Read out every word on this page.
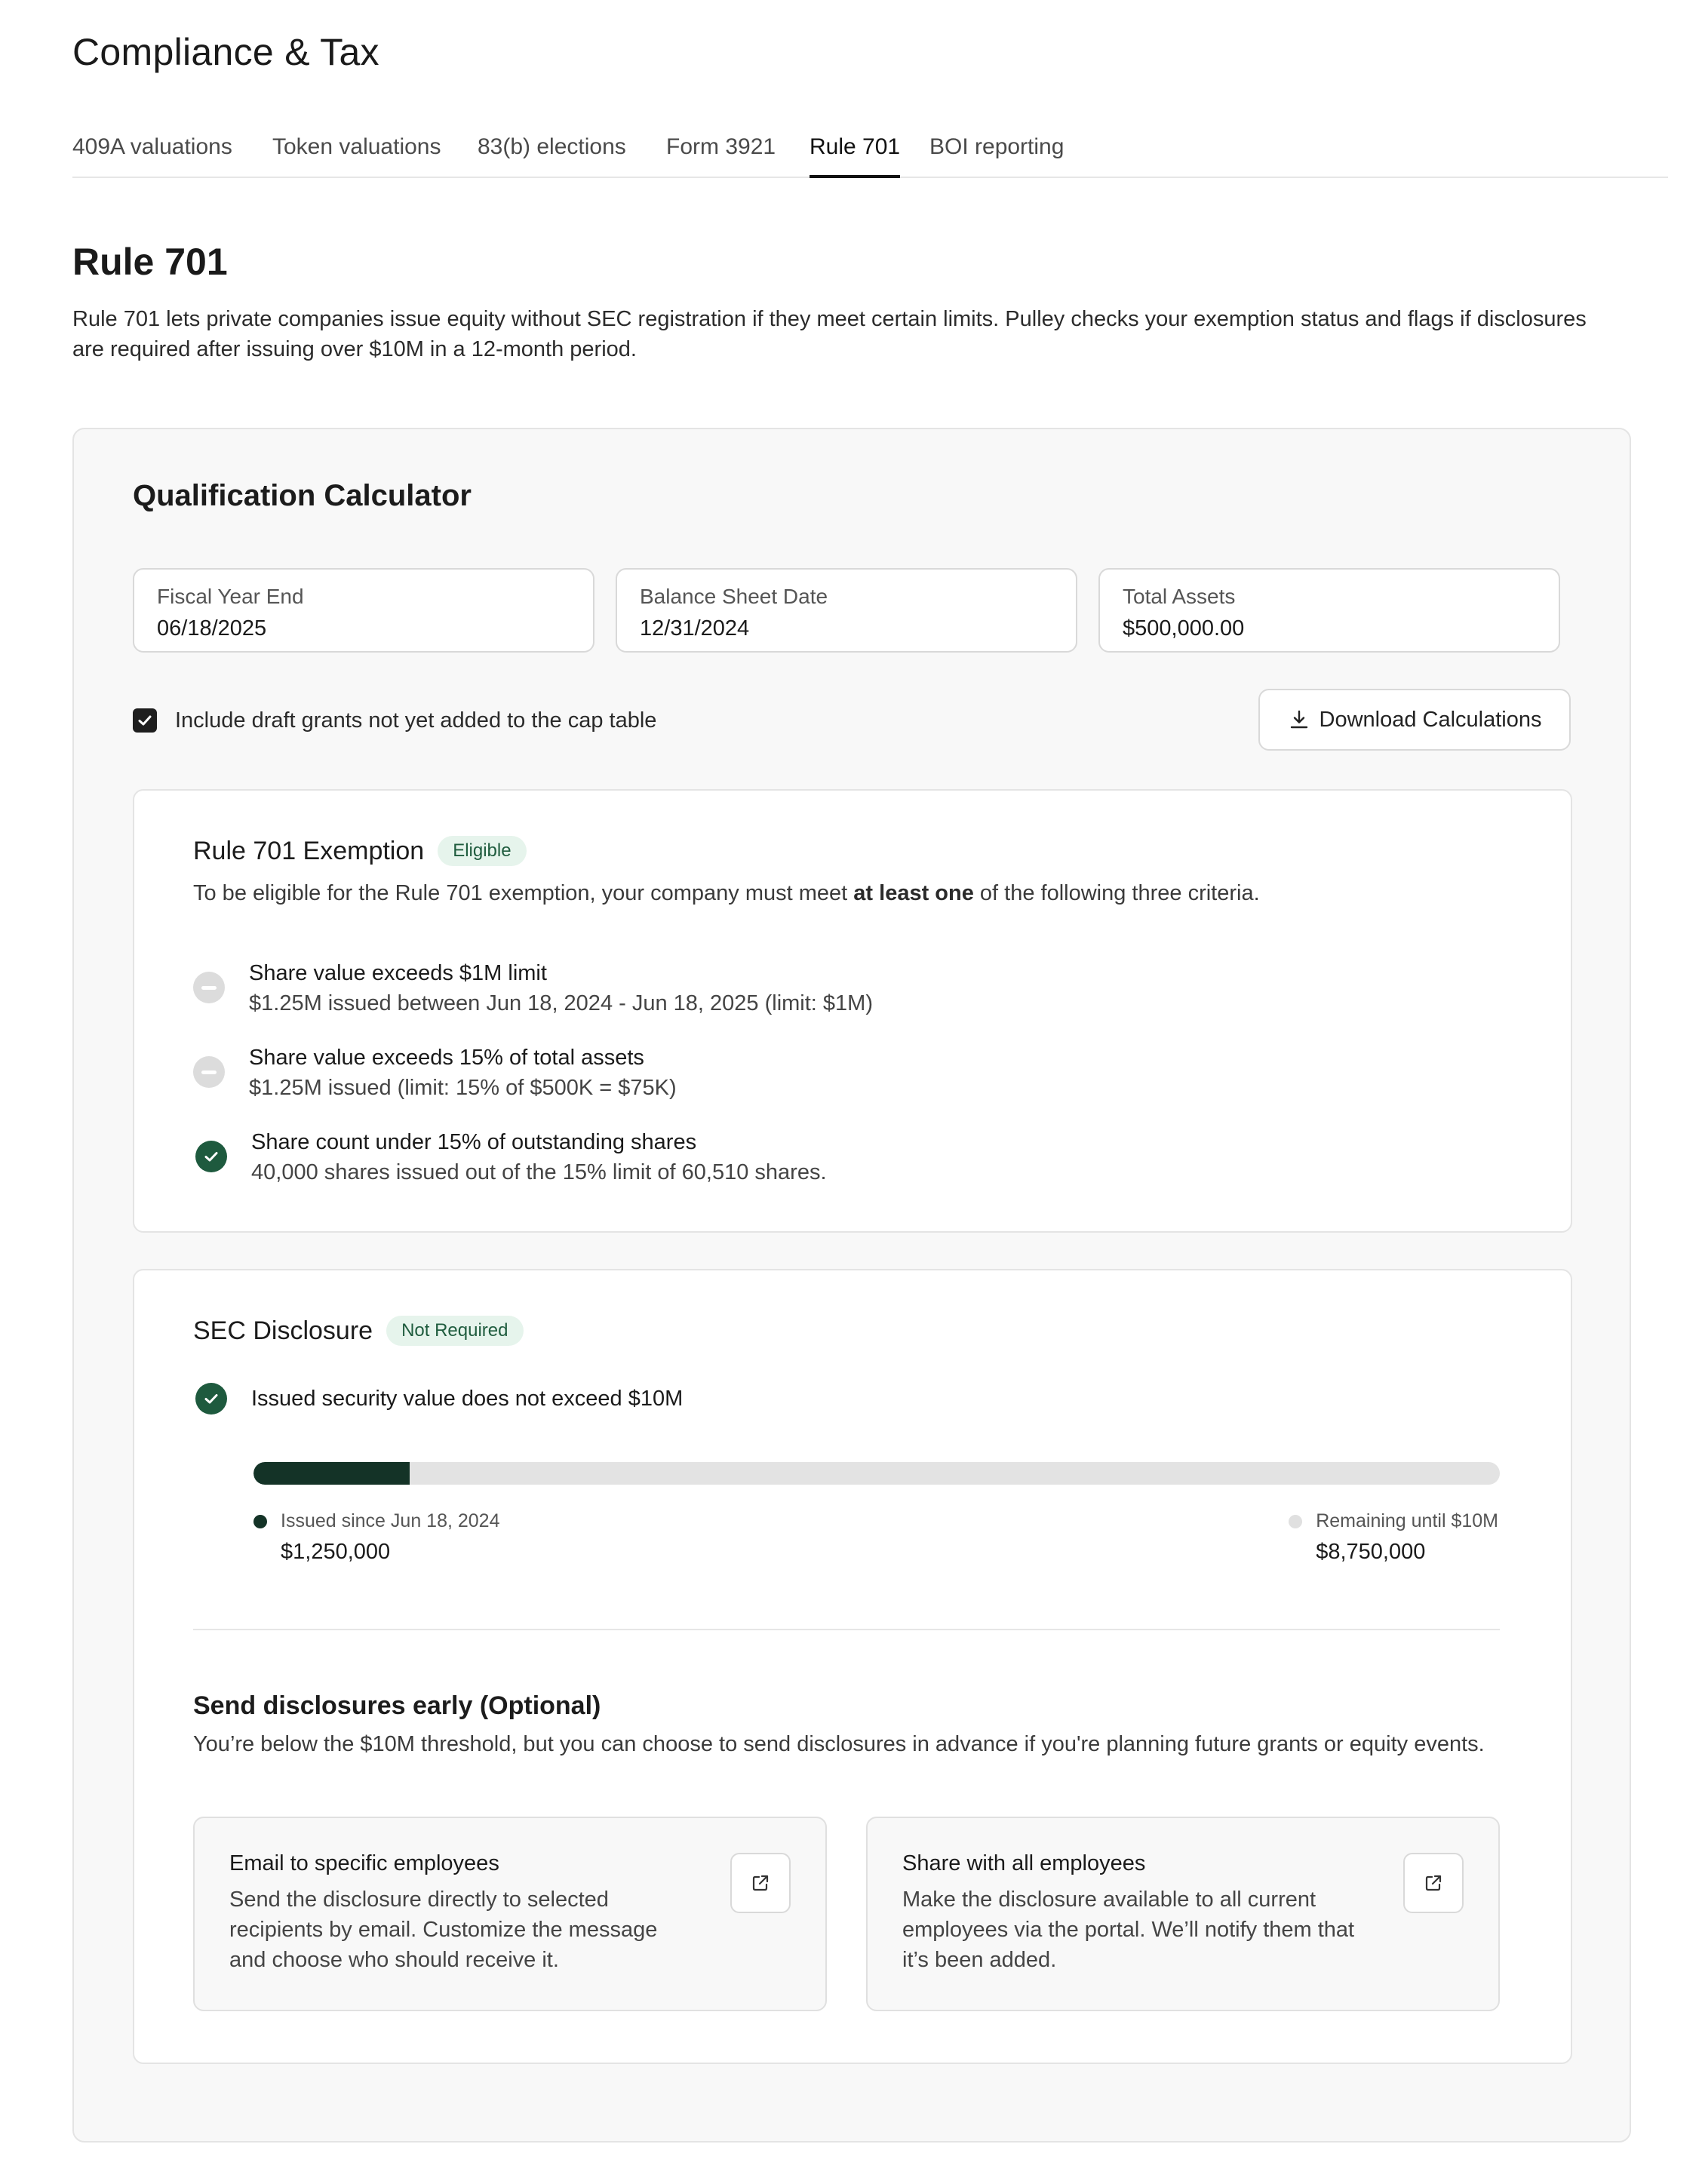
Compliance & Tax
409A valuations Token valuations 83(b) elections Form 3921 Rule 701 BOI reporting
Rule 701

Rule 701 lets private companies issue equity without SEC registration if they meet certain limits. Pulley checks your exemption status and flags if disclosures are required after issuing over $10M in a 12-month period.

Qualification Calculator
Fiscal Year End
06/18/2025
Balance Sheet Date
12/31/2024
Total Assets
$500,000.00
Include draft grants not yet added to the cap table	Download Calculations
Rule 701 Exemption	Eligible

To be eligible for the Rule 701 exemption, your company must meet at least one of the following three criteria.

Share value exceeds $1M limit
$1.25M issued between Jun 18, 2024 - Jun 18, 2025 (limit: $1M)
Share value exceeds 15% of total assets
$1.25M issued (limit: 15% of $500K = $75K)
Share count under 15% of outstanding shares
40,000 shares issued out of the 15% limit of 60,510 shares.
SEC Disclosure	Not Required
Issued security value does not exceed $10M
Issued since Jun 18, 2024
$1,250,000
Remaining until $10M
$8,750,000
Send disclosures early (Optional)

You’re below the $10M threshold, but you can choose to send disclosures in advance if you're planning future grants or equity events.

Email to specific employees
Send the disclosure directly to selected recipients by email. Customize the message and choose who should receive it.
Share with all employees
Make the disclosure available to all current employees via the portal. We’ll notify them that it’s been added.
